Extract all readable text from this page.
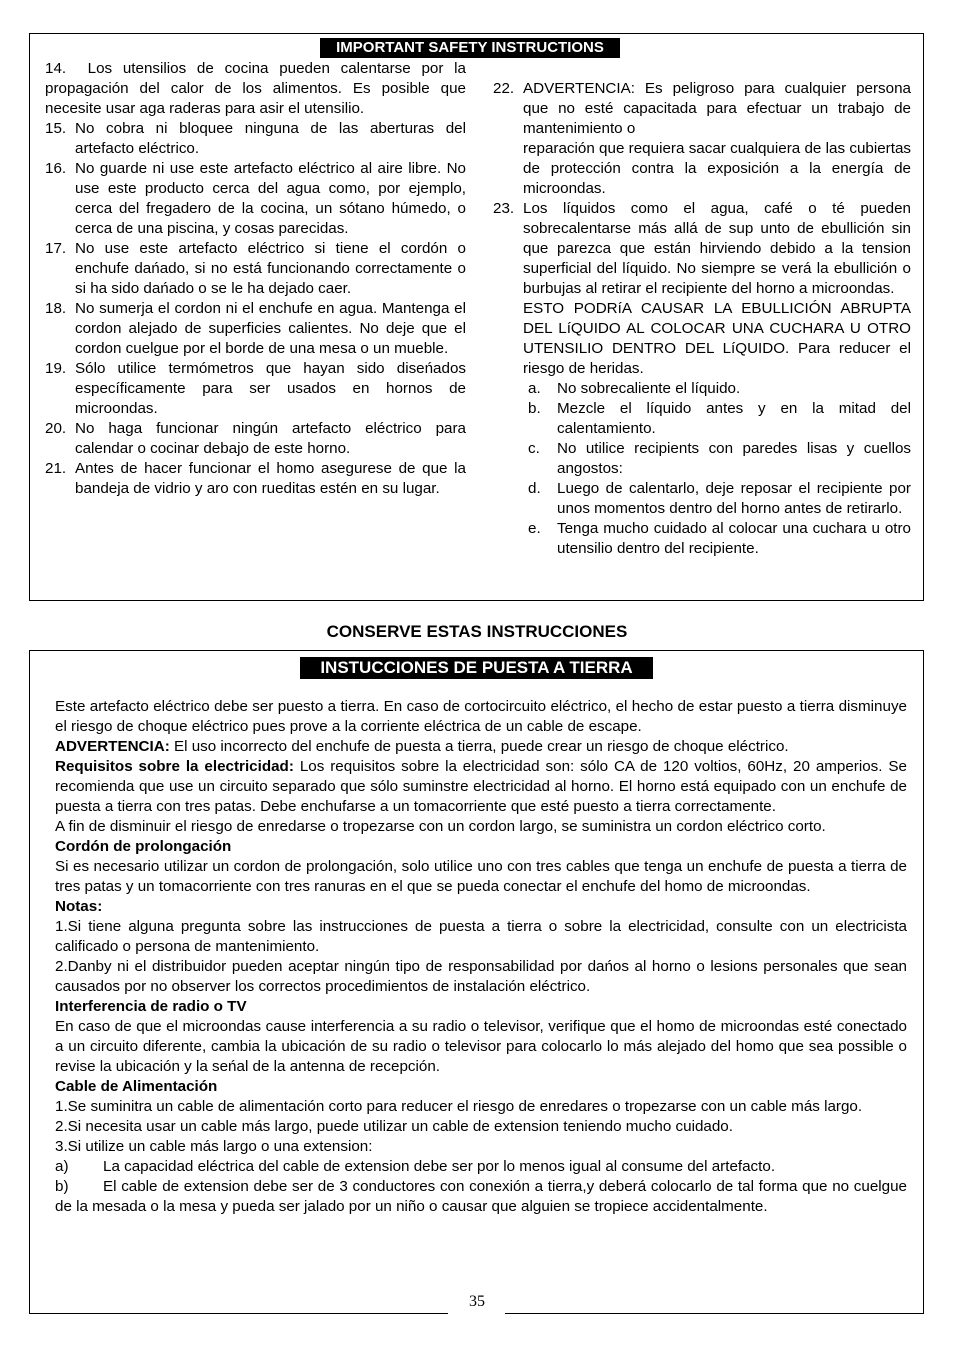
IMPORTANT SAFETY INSTRUCTIONS
14. Los utensilios de cocina pueden calentarse por la propagación del calor de los alimentos. Es posible que necesite usar aga raderas para asir el utensilio.
15. No cobra ni bloquee ninguna de las aberturas del artefacto eléctrico.
16. No guarde ni use este artefacto eléctrico al aire libre. No use este producto cerca del agua como, por ejemplo, cerca del fregadero de la cocina, un sótano húmedo, o cerca de una piscina, y cosas parecidas.
17. No use este artefacto eléctrico si tiene el cordón o enchufe dańado, si no está funcionando correctamente o si ha sido dańado o se le ha dejado caer.
18. No sumerja el cordon ni el enchufe en agua. Mantenga el cordon alejado de superficies calientes. No deje que el cordon cuelgue por el borde de una mesa o un mueble.
19. Sólo utilice termómetros que hayan sido diseńados específicamente para ser usados en hornos de microondas.
20. No haga funcionar ningún artefacto eléctrico para calendar o cocinar debajo de este horno.
21. Antes de hacer funcionar el homo asegurese de que la bandeja de vidrio y aro con rueditas estén en su lugar.
22. ADVERTENCIA: Es peligroso para cualquier persona que no esté capacitada para efectuar un trabajo de mantenimiento o
reparación que requiera sacar cualquiera de las cubiertas de protección contra la exposición a la energía de microondas.
23. Los líquidos como el agua, café o té pueden sobrecalentarse más allá de sup unto de ebullición sin que parezca que están hirviendo debido a la tension superficial del líquido. No siempre se verá la ebullición o burbujas al retirar el recipiente del horno a microondas.
ESTO PODRíA CAUSAR LA EBULLICIÓN ABRUPTA DEL LíQUIDO AL COLOCAR UNA CUCHARA U OTRO UTENSILIO DENTRO DEL LíQUIDO. Para reducer el riesgo de heridas.
a. No sobrecaliente el líquido.
b. Mezcle el líquido antes y en la mitad del calentamiento.
c. No utilice recipients con paredes lisas y cuellos angostos:
d. Luego de calentarlo, deje reposar el recipiente por unos momentos dentro del horno antes de retirarlo.
e. Tenga mucho cuidado al colocar una cuchara u otro utensilio dentro del recipiente.
CONSERVE ESTAS INSTRUCCIONES
INSTUCCIONES DE PUESTA A TIERRA

Este artefacto eléctrico debe ser puesto a tierra. En caso de cortocircuito eléctrico, el hecho de estar puesto a tierra disminuye el riesgo de choque eléctrico pues prove a la corriente eléctrica de un cable de escape.

ADVERTENCIA: El uso incorrecto del enchufe de puesta a tierra, puede crear un riesgo de choque eléctrico.

Requisitos sobre la electricidad: Los requisitos sobre la electricidad son: sólo CA de 120 voltios, 60Hz, 20 amperios. Se recomienda que use un circuito separado que sólo suminstre electricidad al horno. El horno está equipado con un enchufe de puesta a tierra con tres patas. Debe enchufarse a un tomacorriente que esté puesto a tierra correctamente.

A fin de disminuir el riesgo de enredarse o tropezarse con un cordon largo, se suministra un cordon eléctrico corto.

Cordón de prolongación

Si es necesario utilizar un cordon de prolongación, solo utilice uno con tres cables que tenga un enchufe de puesta a tierra de tres patas y un tomacorriente con tres ranuras en el que se pueda conectar el enchufe del homo de microondas.

Notas:

1.Si tiene alguna pregunta sobre las instrucciones de puesta a tierra o sobre la electricidad, consulte con un electricista calificado o persona de mantenimiento.

2.Danby ni el distribuidor pueden aceptar ningún tipo de responsabilidad por dańos al horno o lesions personales que sean causados por no observer los correctos procedimientos de instalación eléctrico.

Interferencia de radio o TV

En caso de que el microondas cause interferencia a su radio o televisor, verifique que el homo de microondas esté conectado a un circuito diferente, cambia la ubicación de su radio o televisor para colocarlo lo más alejado del homo que sea possible o revise la ubicación y la seńal de la antenna de recepción.

Cable de Alimentación

1.Se suminitra un cable de alimentación corto para reducer el riesgo de enredares o tropezarse con un cable más largo.

2.Si necesita usar un cable más largo, puede utilizar un cable de extension teniendo mucho cuidado.

3.Si utilize un cable más largo o una extension:

a) La capacidad eléctrica del cable de extension debe ser por lo menos igual al consume del artefacto.

b) El cable de extension debe ser de 3 conductores con conexión a tierra,y deberá colocarlo de tal forma que no cuelgue de la mesada o la mesa y pueda ser jalado por un niño o causar que alguien se tropiece accidentalmente.

35
